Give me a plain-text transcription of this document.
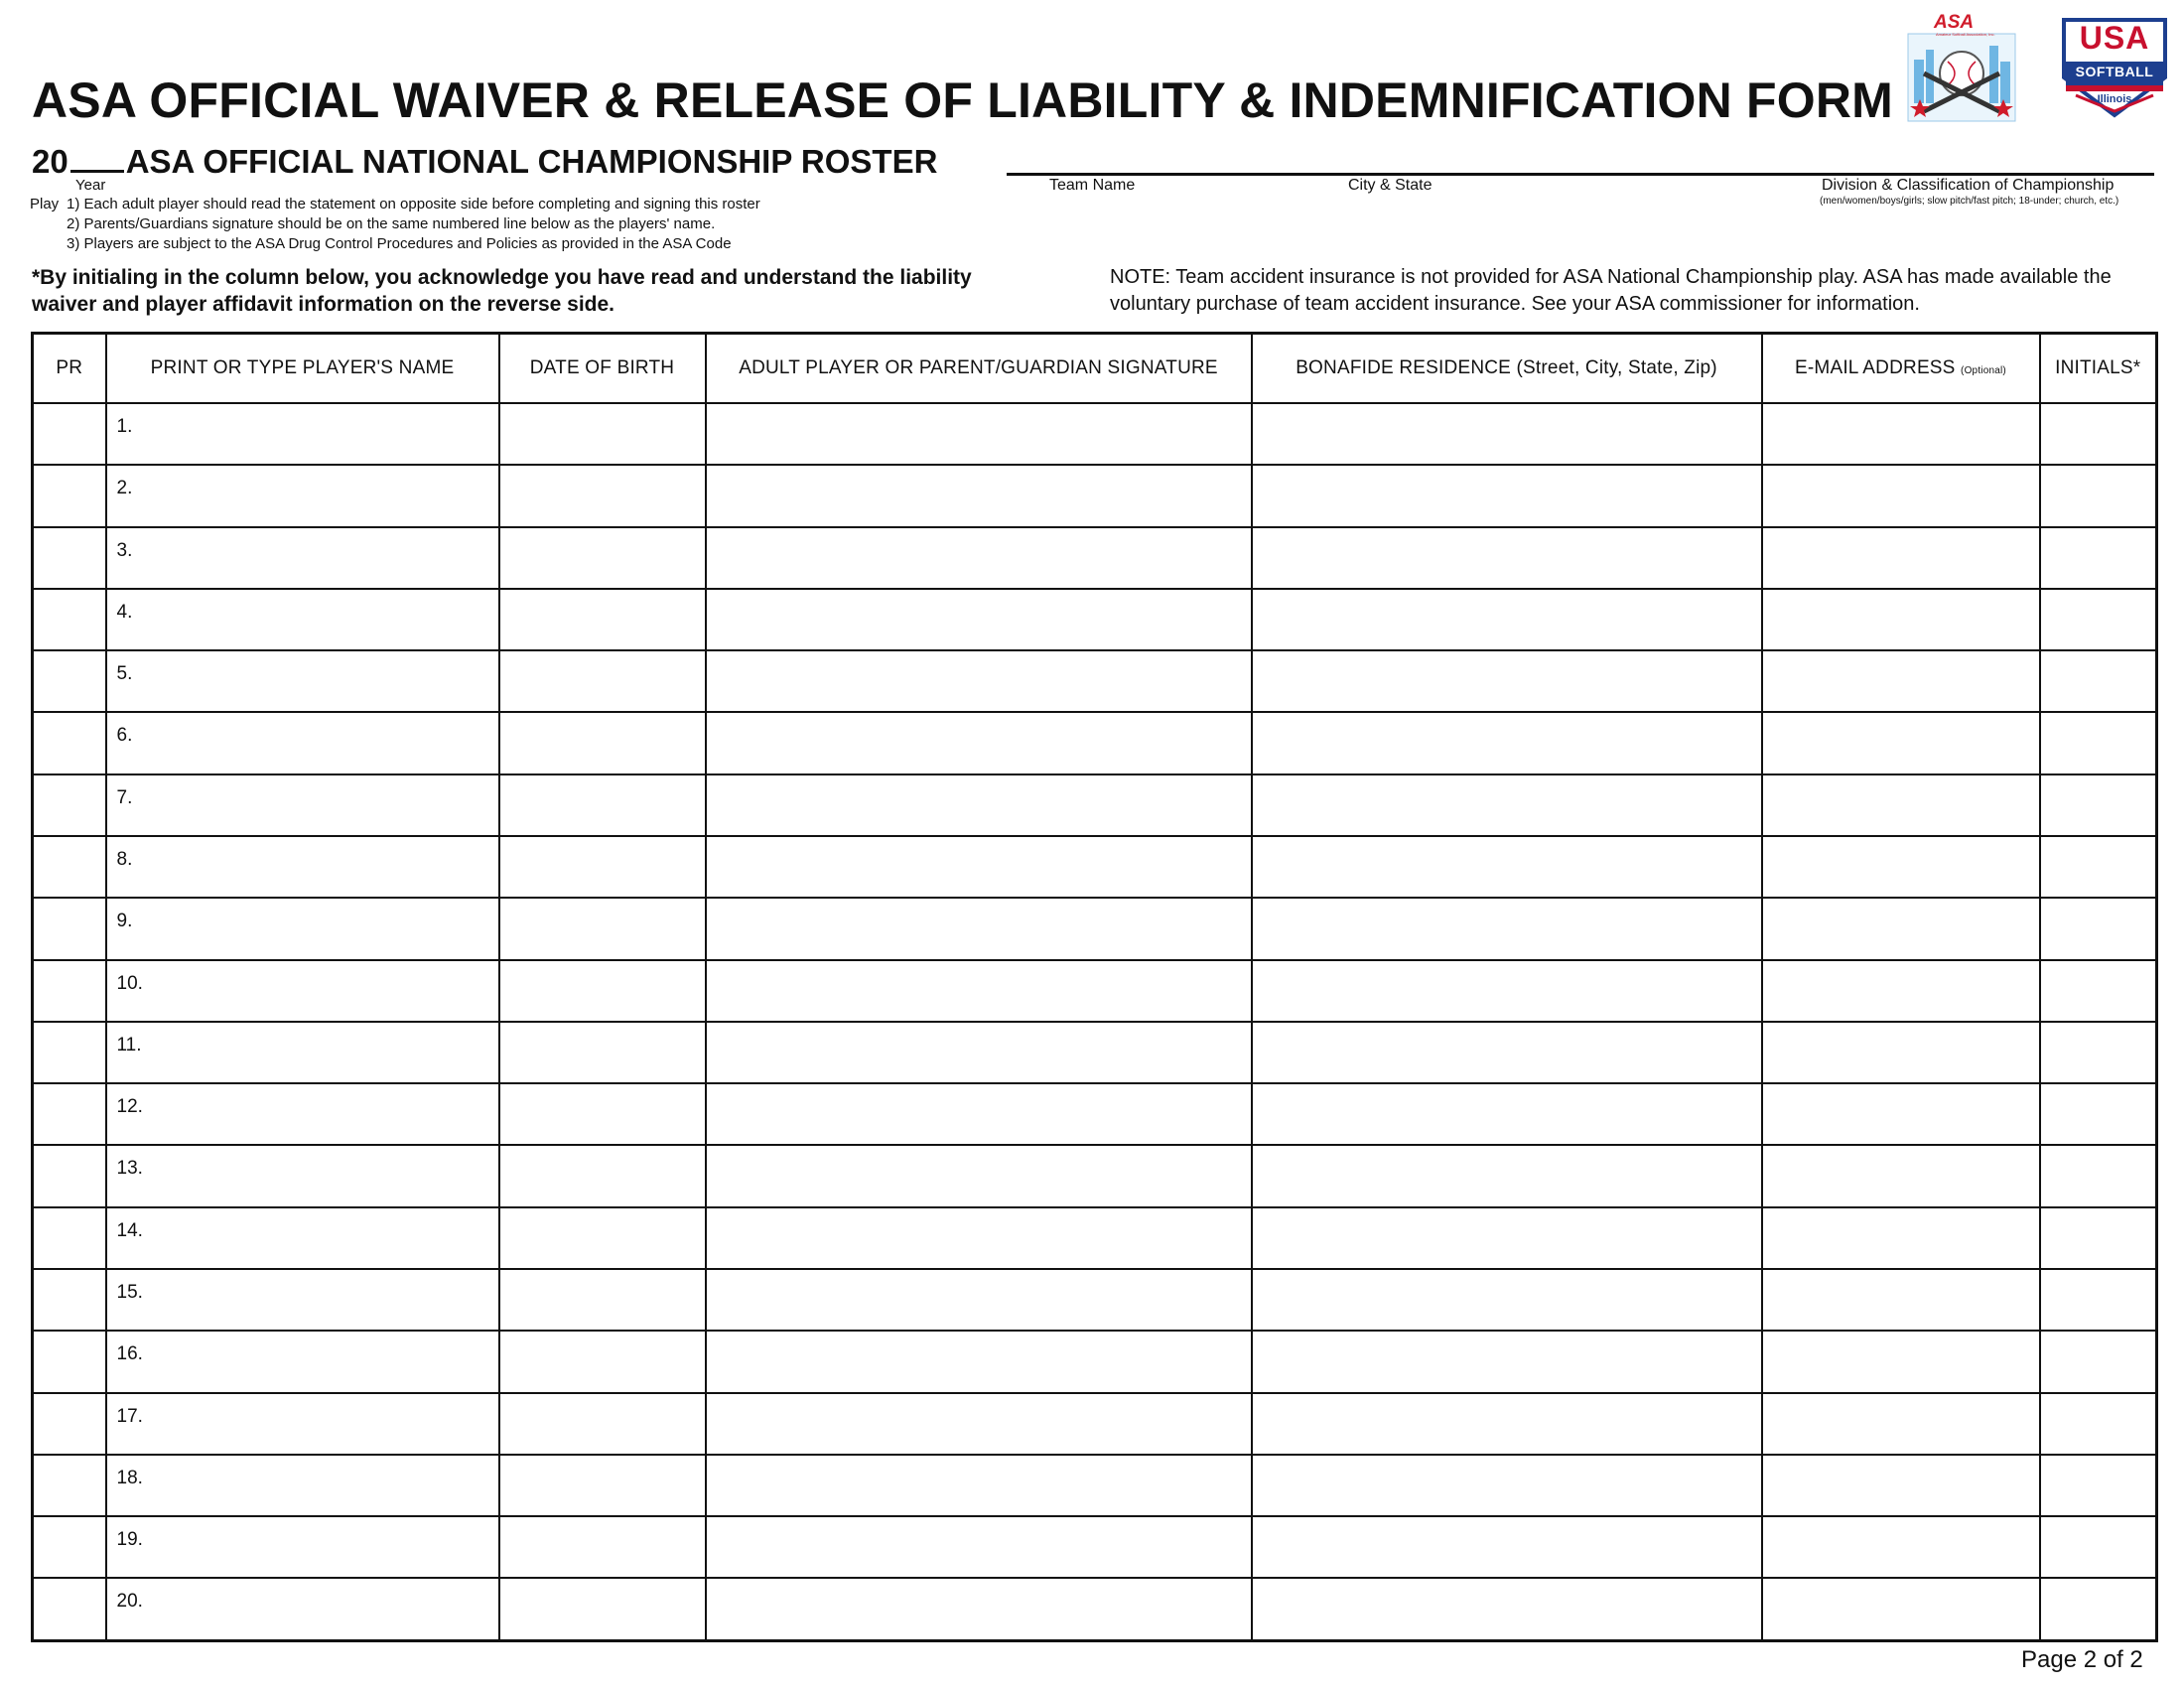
ASA OFFICIAL WAIVER & RELEASE OF LIABILITY & INDEMNIFICATION FORM
20 ASA OFFICIAL NATIONAL CHAMPIONSHIP ROSTER
Year
Play 1) Each adult player should read the statement on opposite side before completing and signing this roster
2) Parents/Guardians signature should be on the same numbered line below as the players' name.
3) Players are subject to the ASA Drug Control Procedures and Policies as provided in the ASA Code
Team Name	City & State	Division & Classification of Championship
(men/women/boys/girls; slow pitch/fast pitch; 18-under; church, etc.)
*By initialing in the column below, you acknowledge you have read and understand the liability waiver and player affidavit information on the reverse side.
NOTE: Team accident insurance is not provided for ASA National Championship play. ASA has made available the voluntary purchase of team accident insurance. See your ASA commissioner for information.
ASA
Amateur Softball Association, Inc.	USA
SOFTBALL
Illinois
PR	PRINT OR TYPE PLAYER'S NAME	DATE OF BIRTH	ADULT PLAYER OR PARENT/GUARDIAN SIGNATURE	BONAFIDE RESIDENCE (Street, City, State, Zip)	E-MAIL ADDRESS (Optional)	INITIALS*

	1.					

	2.					

	3.					

	4.					

	5.					

	6.					

	7.					

	8.					

	9.					

	10.					

	11.					

	12.					

	13.					

	14.					

	15.					

	16.					

	17.					

	18.					

	19.					

	20.					

Page 2 of 2
